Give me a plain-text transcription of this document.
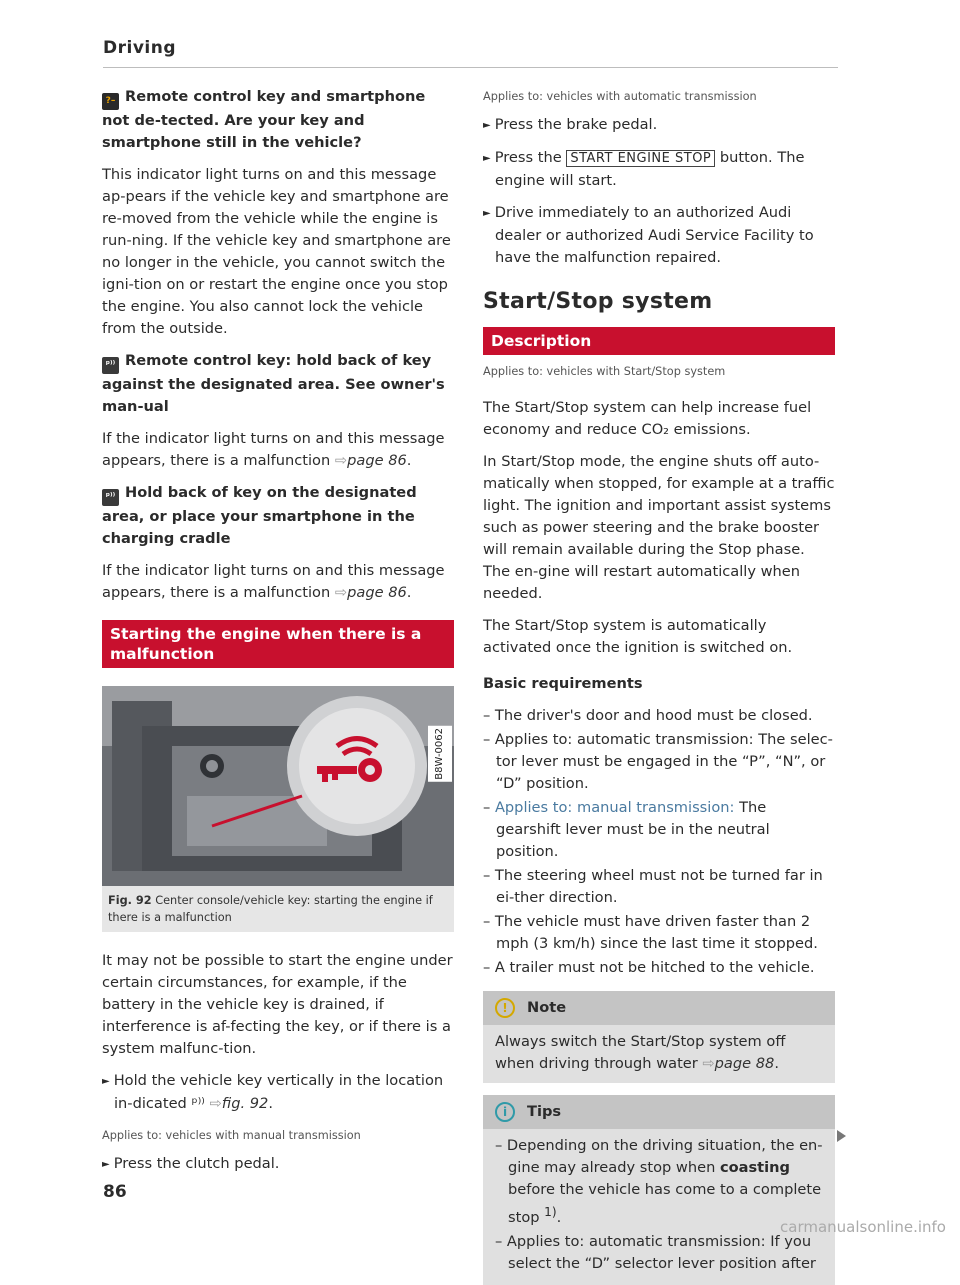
Driving
?– Remote control key and smartphone not de-tected. Are your key and smartphone still in the vehicle?

This indicator light turns on and this message ap-pears if the vehicle key and smartphone are re-moved from the vehicle while the engine is run-ning. If the vehicle key and smartphone are no longer in the vehicle, you cannot switch the igni-tion on or restart the engine once you stop the engine. You also cannot lock the vehicle from the outside.

ᵖ⁾⁾ Remote control key: hold back of key against the designated area. See owner's man-ual

If the indicator light turns on and this message appears, there is a malfunction ⇨page 86.

ᵖ⁾⁾ Hold back of key on the designated area, or place your smartphone in the charging cradle

If the indicator light turns on and this message appears, there is a malfunction ⇨page 86.

Starting the engine when there is a malfunction
B8W-0062
Fig. 92 Center console/vehicle key: starting the engine if there is a malfunction

It may not be possible to start the engine under certain circumstances, for example, if the battery in the vehicle key is drained, if interference is af-fecting the key, or if there is a system malfunc-tion.

► Hold the vehicle key vertically in the location in-dicated ᵖ⁾⁾ ⇨fig. 92.
Applies to: vehicles with manual transmission
► Press the clutch pedal.
Applies to: vehicles with automatic transmission
► Press the brake pedal.
► Press the START ENGINE STOP button. The engine will start.
► Drive immediately to an authorized Audi dealer or authorized Audi Service Facility to have the malfunction repaired.
Start/Stop system
Description
Applies to: vehicles with Start/Stop system

The Start/Stop system can help increase fuel economy and reduce CO₂ emissions.

In Start/Stop mode, the engine shuts off auto-matically when stopped, for example at a traffic light. The ignition and important assist systems such as power steering and the brake booster will remain available during the Stop phase. The en-gine will restart automatically when needed.

The Start/Stop system is automatically activated once the ignition is switched on.

Basic requirements
– The driver's door and hood must be closed.
– Applies to: automatic transmission: The selec-tor lever must be engaged in the “P”, “N”, or “D” position.
– Applies to: manual transmission: The gearshift lever must be in the neutral position.
– The steering wheel must not be turned far in ei-ther direction.
– The vehicle must have driven faster than 2 mph (3 km/h) since the last time it stopped.
– A trailer must not be hitched to the vehicle.
!	Note
Always switch the Start/Stop system off when driving through water ⇨page 88.
i	Tips
– Depending on the driving situation, the en-gine may already stop when coasting before the vehicle has come to a complete stop $^{1)}$.
– Applies to: automatic transmission: If you select the “D” selector lever position after
86
carmanualsonline.info
